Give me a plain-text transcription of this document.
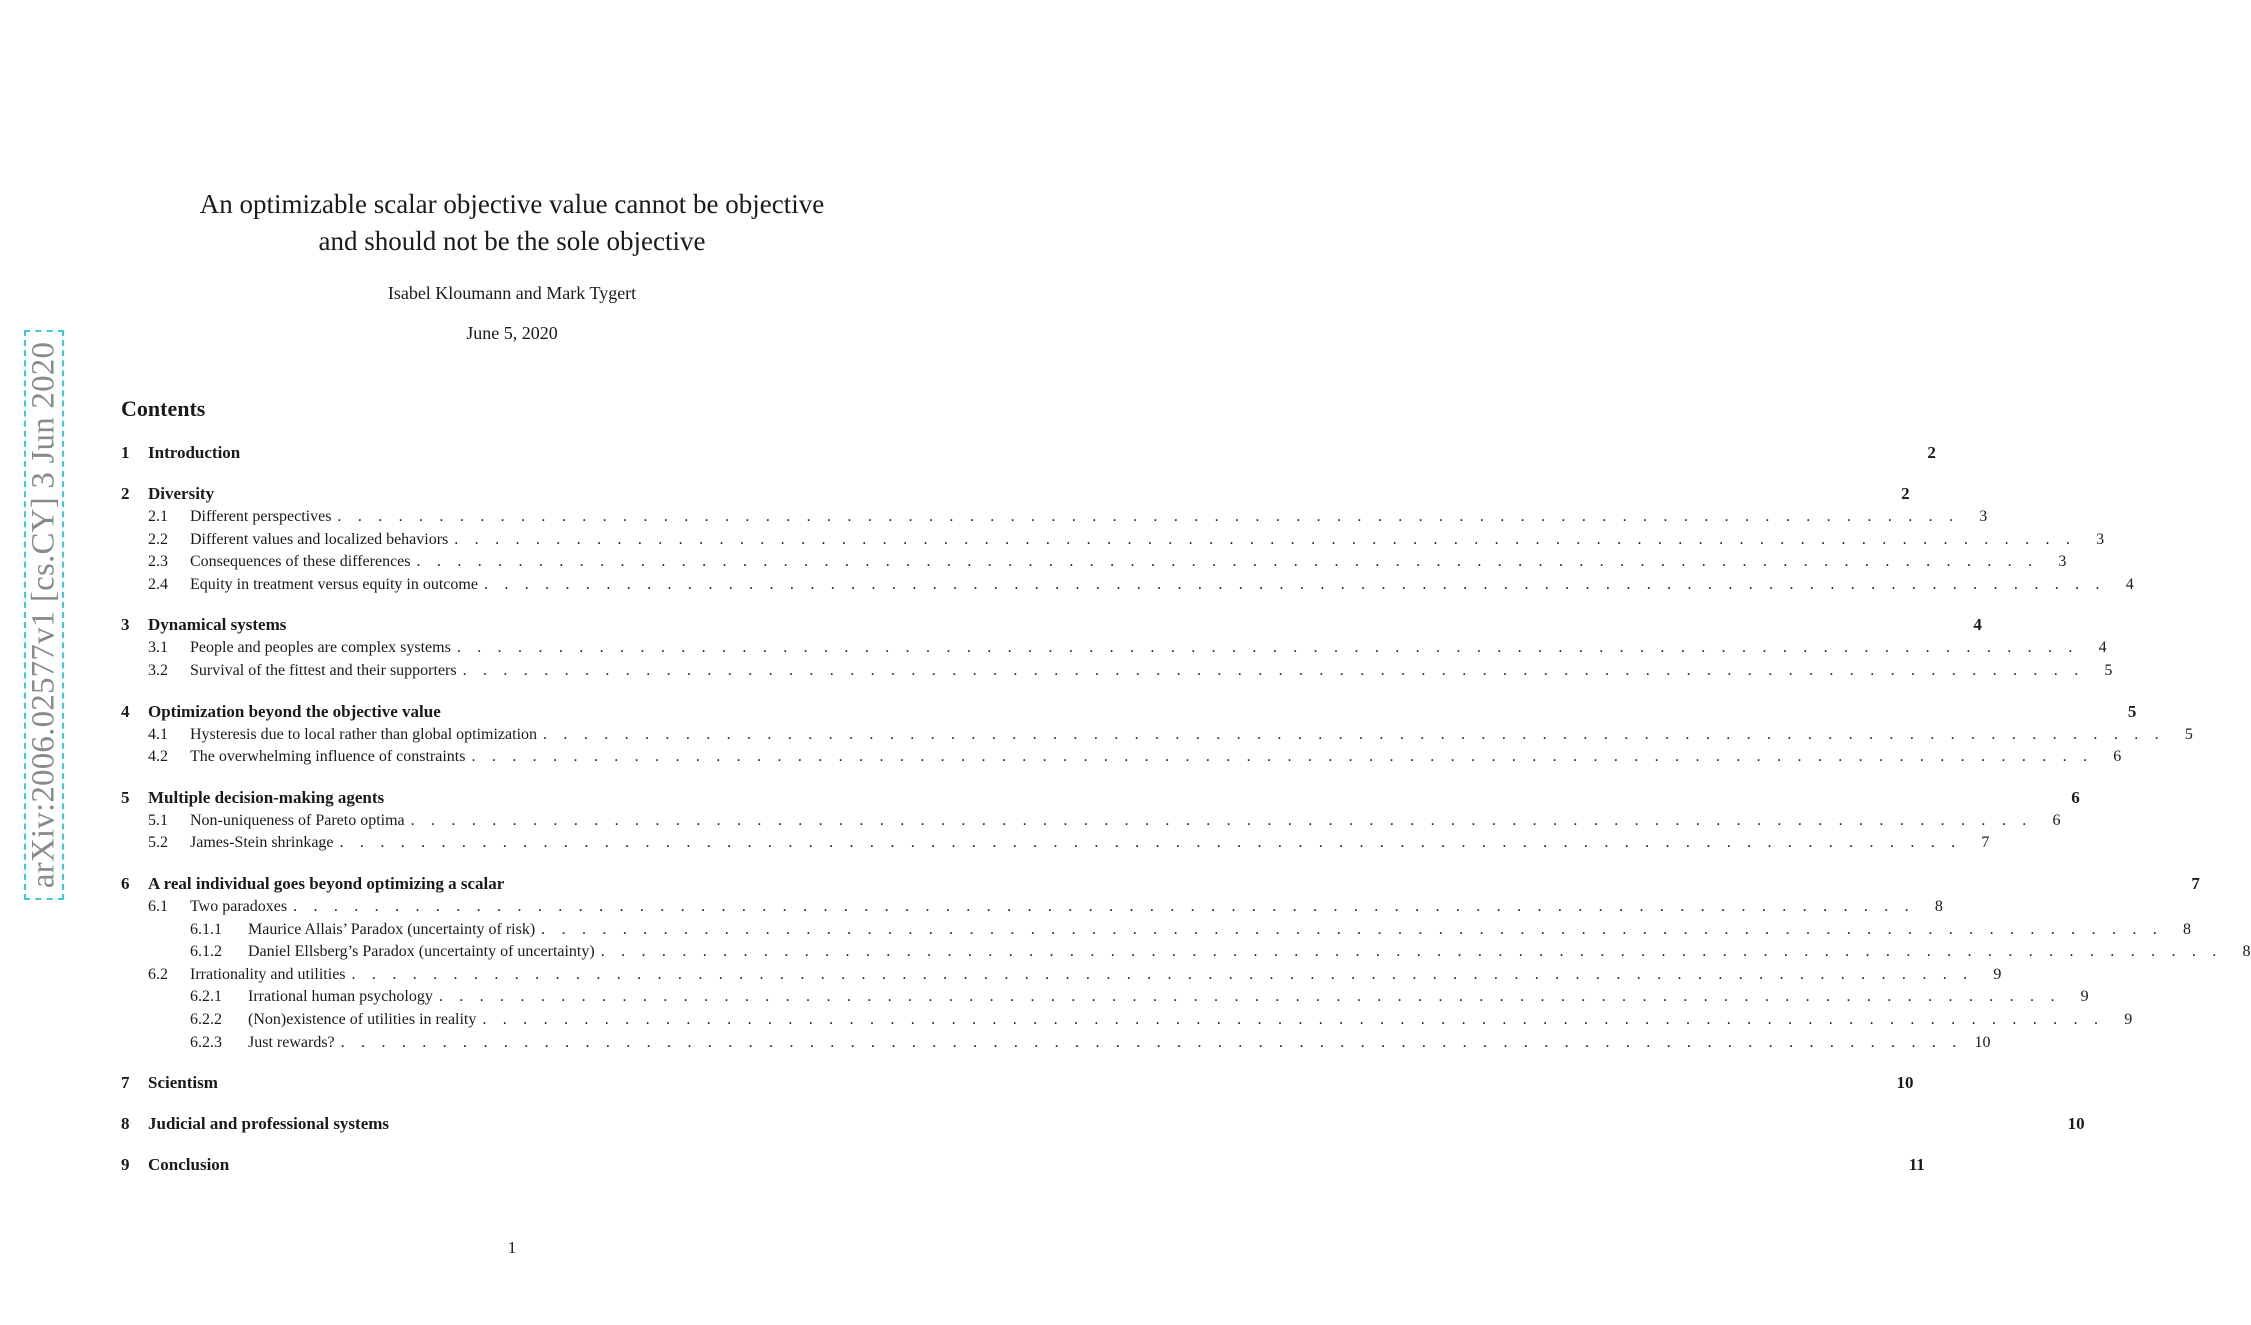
arXiv:2006.02577v1 [cs.CY] 3 Jun 2020
An optimizable scalar objective value cannot be objective
and should not be the sole objective
Isabel Kloumann and Mark Tygert
June 5, 2020
Contents
1	Introduction	2
2	Diversity	2
2.1	Different perspectives . . . . . . . . . . . . . . . . . . . . . . . . . . . . . . . . . . . . . . . . . . . . . . . . . . . . . . . . . . . . . . . . . . . . . . . . . . . . . . . .	3
2.2	Different values and localized behaviors . . . . . . . . . . . . . . . . . . . . . . . . . . . . . . . . . . . . . . . . . . . . . . . . . . . . . . . . . . . . . . . . . . . . . . . . . . . . . . . .	3
2.3	Consequences of these differences . . . . . . . . . . . . . . . . . . . . . . . . . . . . . . . . . . . . . . . . . . . . . . . . . . . . . . . . . . . . . . . . . . . . . . . . . . . . . . . .	3
2.4	Equity in treatment versus equity in outcome . . . . . . . . . . . . . . . . . . . . . . . . . . . . . . . . . . . . . . . . . . . . . . . . . . . . . . . . . . . . . . . . . . . . . . . . . . . . . . . .	4
3	Dynamical systems	4
3.1	People and peoples are complex systems . . . . . . . . . . . . . . . . . . . . . . . . . . . . . . . . . . . . . . . . . . . . . . . . . . . . . . . . . . . . . . . . . . . . . . . . . . . . . . . .	4
3.2	Survival of the fittest and their supporters . . . . . . . . . . . . . . . . . . . . . . . . . . . . . . . . . . . . . . . . . . . . . . . . . . . . . . . . . . . . . . . . . . . . . . . . . . . . . . . .	5
4	Optimization beyond the objective value	5
4.1	Hysteresis due to local rather than global optimization . . . . . . . . . . . . . . . . . . . . . . . . . . . . . . . . . . . . . . . . . . . . . . . . . . . . . . . . . . . . . . . . . . . . . . . . . . . . . . . .	5
4.2	The overwhelming influence of constraints . . . . . . . . . . . . . . . . . . . . . . . . . . . . . . . . . . . . . . . . . . . . . . . . . . . . . . . . . . . . . . . . . . . . . . . . . . . . . . . .	6
5	Multiple decision-making agents	6
5.1	Non-uniqueness of Pareto optima . . . . . . . . . . . . . . . . . . . . . . . . . . . . . . . . . . . . . . . . . . . . . . . . . . . . . . . . . . . . . . . . . . . . . . . . . . . . . . . .	6
5.2	James-Stein shrinkage . . . . . . . . . . . . . . . . . . . . . . . . . . . . . . . . . . . . . . . . . . . . . . . . . . . . . . . . . . . . . . . . . . . . . . . . . . . . . . . .	7
6	A real individual goes beyond optimizing a scalar	7
6.1	Two paradoxes . . . . . . . . . . . . . . . . . . . . . . . . . . . . . . . . . . . . . . . . . . . . . . . . . . . . . . . . . . . . . . . . . . . . . . . . . . . . . . . .	8
6.1.1	Maurice Allais’ Paradox (uncertainty of risk) . . . . . . . . . . . . . . . . . . . . . . . . . . . . . . . . . . . . . . . . . . . . . . . . . . . . . . . . . . . . . . . . . . . . . . . . . . . . . . . .	8
6.1.2	Daniel Ellsberg’s Paradox (uncertainty of uncertainty) . . . . . . . . . . . . . . . . . . . . . . . . . . . . . . . . . . . . . . . . . . . . . . . . . . . . . . . . . . . . . . . . . . . . . . . . . . . . . . . .	8
6.2	Irrationality and utilities . . . . . . . . . . . . . . . . . . . . . . . . . . . . . . . . . . . . . . . . . . . . . . . . . . . . . . . . . . . . . . . . . . . . . . . . . . . . . . . .	9
6.2.1	Irrational human psychology . . . . . . . . . . . . . . . . . . . . . . . . . . . . . . . . . . . . . . . . . . . . . . . . . . . . . . . . . . . . . . . . . . . . . . . . . . . . . . . .	9
6.2.2	(Non)existence of utilities in reality . . . . . . . . . . . . . . . . . . . . . . . . . . . . . . . . . . . . . . . . . . . . . . . . . . . . . . . . . . . . . . . . . . . . . . . . . . . . . . . .	9
6.2.3	Just rewards? . . . . . . . . . . . . . . . . . . . . . . . . . . . . . . . . . . . . . . . . . . . . . . . . . . . . . . . . . . . . . . . . . . . . . . . . . . . . . . . . 10
7	Scientism	10
8	Judicial and professional systems	10
9	Conclusion	11
1
